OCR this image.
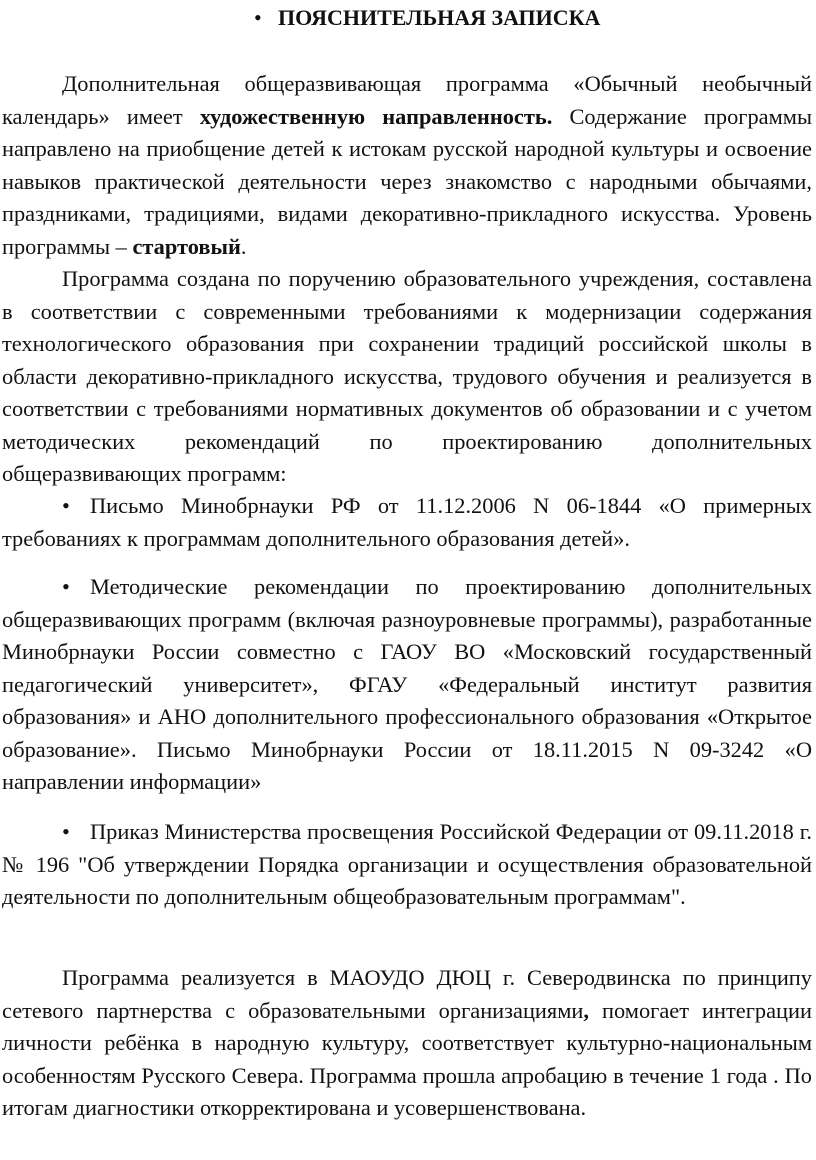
• ПОЯСНИТЕЛЬНАЯ ЗАПИСКА

Дополнительная общеразвивающая программа «Обычный необычный календарь» имеет художественную направленность. Содержание программы направлено на приобщение детей к истокам русской народной культуры и освоение навыков практической деятельности через знакомство с народными обычаями, праздниками, традициями, видами декоративно-прикладного искусства. Уровень программы – стартовый.

Программа создана по поручению образовательного учреждения, составлена в соответствии с современными требованиями к модернизации содержания технологического образования при сохранении традиций российской школы в области декоративно-прикладного искусства, трудового обучения и реализуется в соответствии с требованиями нормативных документов об образовании и с учетом методических рекомендаций по проектированию дополнительных общеразвивающих программ:

• Письмо Минобрнауки РФ от 11.12.2006 N 06-1844 «О примерных требованиях к программам дополнительного образования детей».

• Методические рекомендации по проектированию дополнительных общеразвивающих программ (включая разноуровневые программы), разработанные Минобрнауки России совместно с ГАОУ ВО «Московский государственный педагогический университет», ФГАУ «Федеральный институт развития образования» и АНО дополнительного профессионального образования «Открытое образование». Письмо Минобрнауки России от 18.11.2015 N 09-3242 «О направлении информации»

• Приказ Министерства просвещения Российской Федерации от 09.11.2018 г. № 196 "Об утверждении Порядка организации и осуществления образовательной деятельности по дополнительным общеобразовательным программам".

Программа реализуется в МАОУДО ДЮЦ г. Северодвинска по принципу сетевого партнерства с образовательными организациями, помогает интеграции личности ребёнка в народную культуру, соответствует культурно-национальным особенностям Русского Севера. Программа прошла апробацию в течение 1 года . По итогам диагностики откорректирована и усовершенствована.
